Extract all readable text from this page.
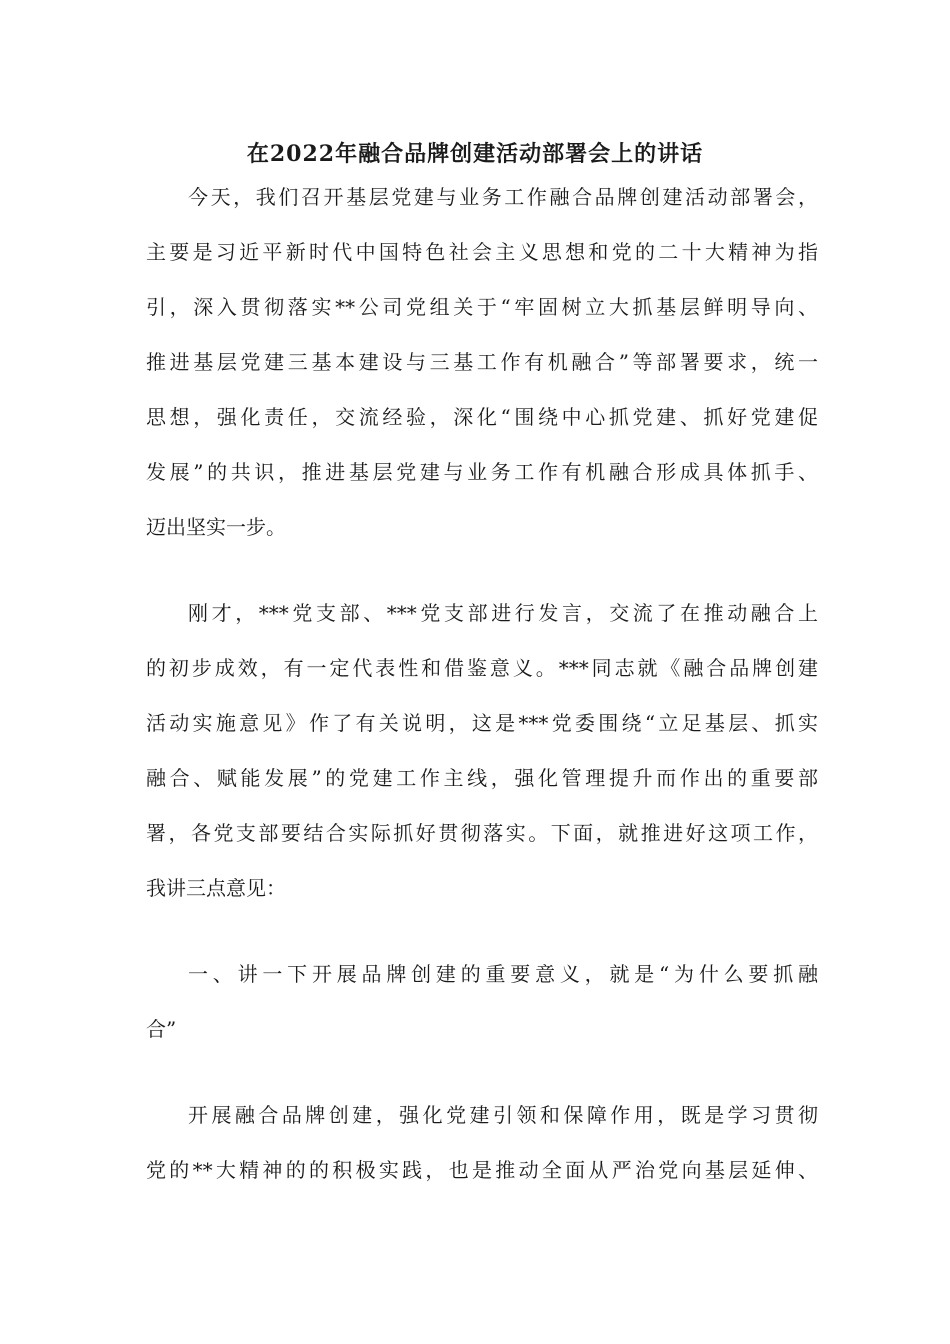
在2022年融合品牌创建活动部署会上的讲话
今天，我们召开基层党建与业务工作融合品牌创建活动部署会，
主要是习近平新时代中国特色社会主义思想和党的二十大精神为指
引，深入贯彻落实**公司党组关于“牢固树立大抓基层鲜明导向、
推进基层党建三基本建设与三基工作有机融合”等部署要求，统一
思想，强化责任，交流经验，深化“围绕中心抓党建、抓好党建促
发展”的共识，推进基层党建与业务工作有机融合形成具体抓手、
迈出坚实一步。
刚才，***党支部、***党支部进行发言，交流了在推动融合上
的初步成效，有一定代表性和借鉴意义。***同志就《融合品牌创建
活动实施意见》作了有关说明，这是***党委围绕“立足基层、抓实
融合、赋能发展”的党建工作主线，强化管理提升而作出的重要部
署，各党支部要结合实际抓好贯彻落实。下面，就推进好这项工作，
我讲三点意见：
一、讲一下开展品牌创建的重要意义，就是“为什么要抓融
合”
开展融合品牌创建，强化党建引领和保障作用，既是学习贯彻
党的**大精神的的积极实践，也是推动全面从严治党向基层延伸、
